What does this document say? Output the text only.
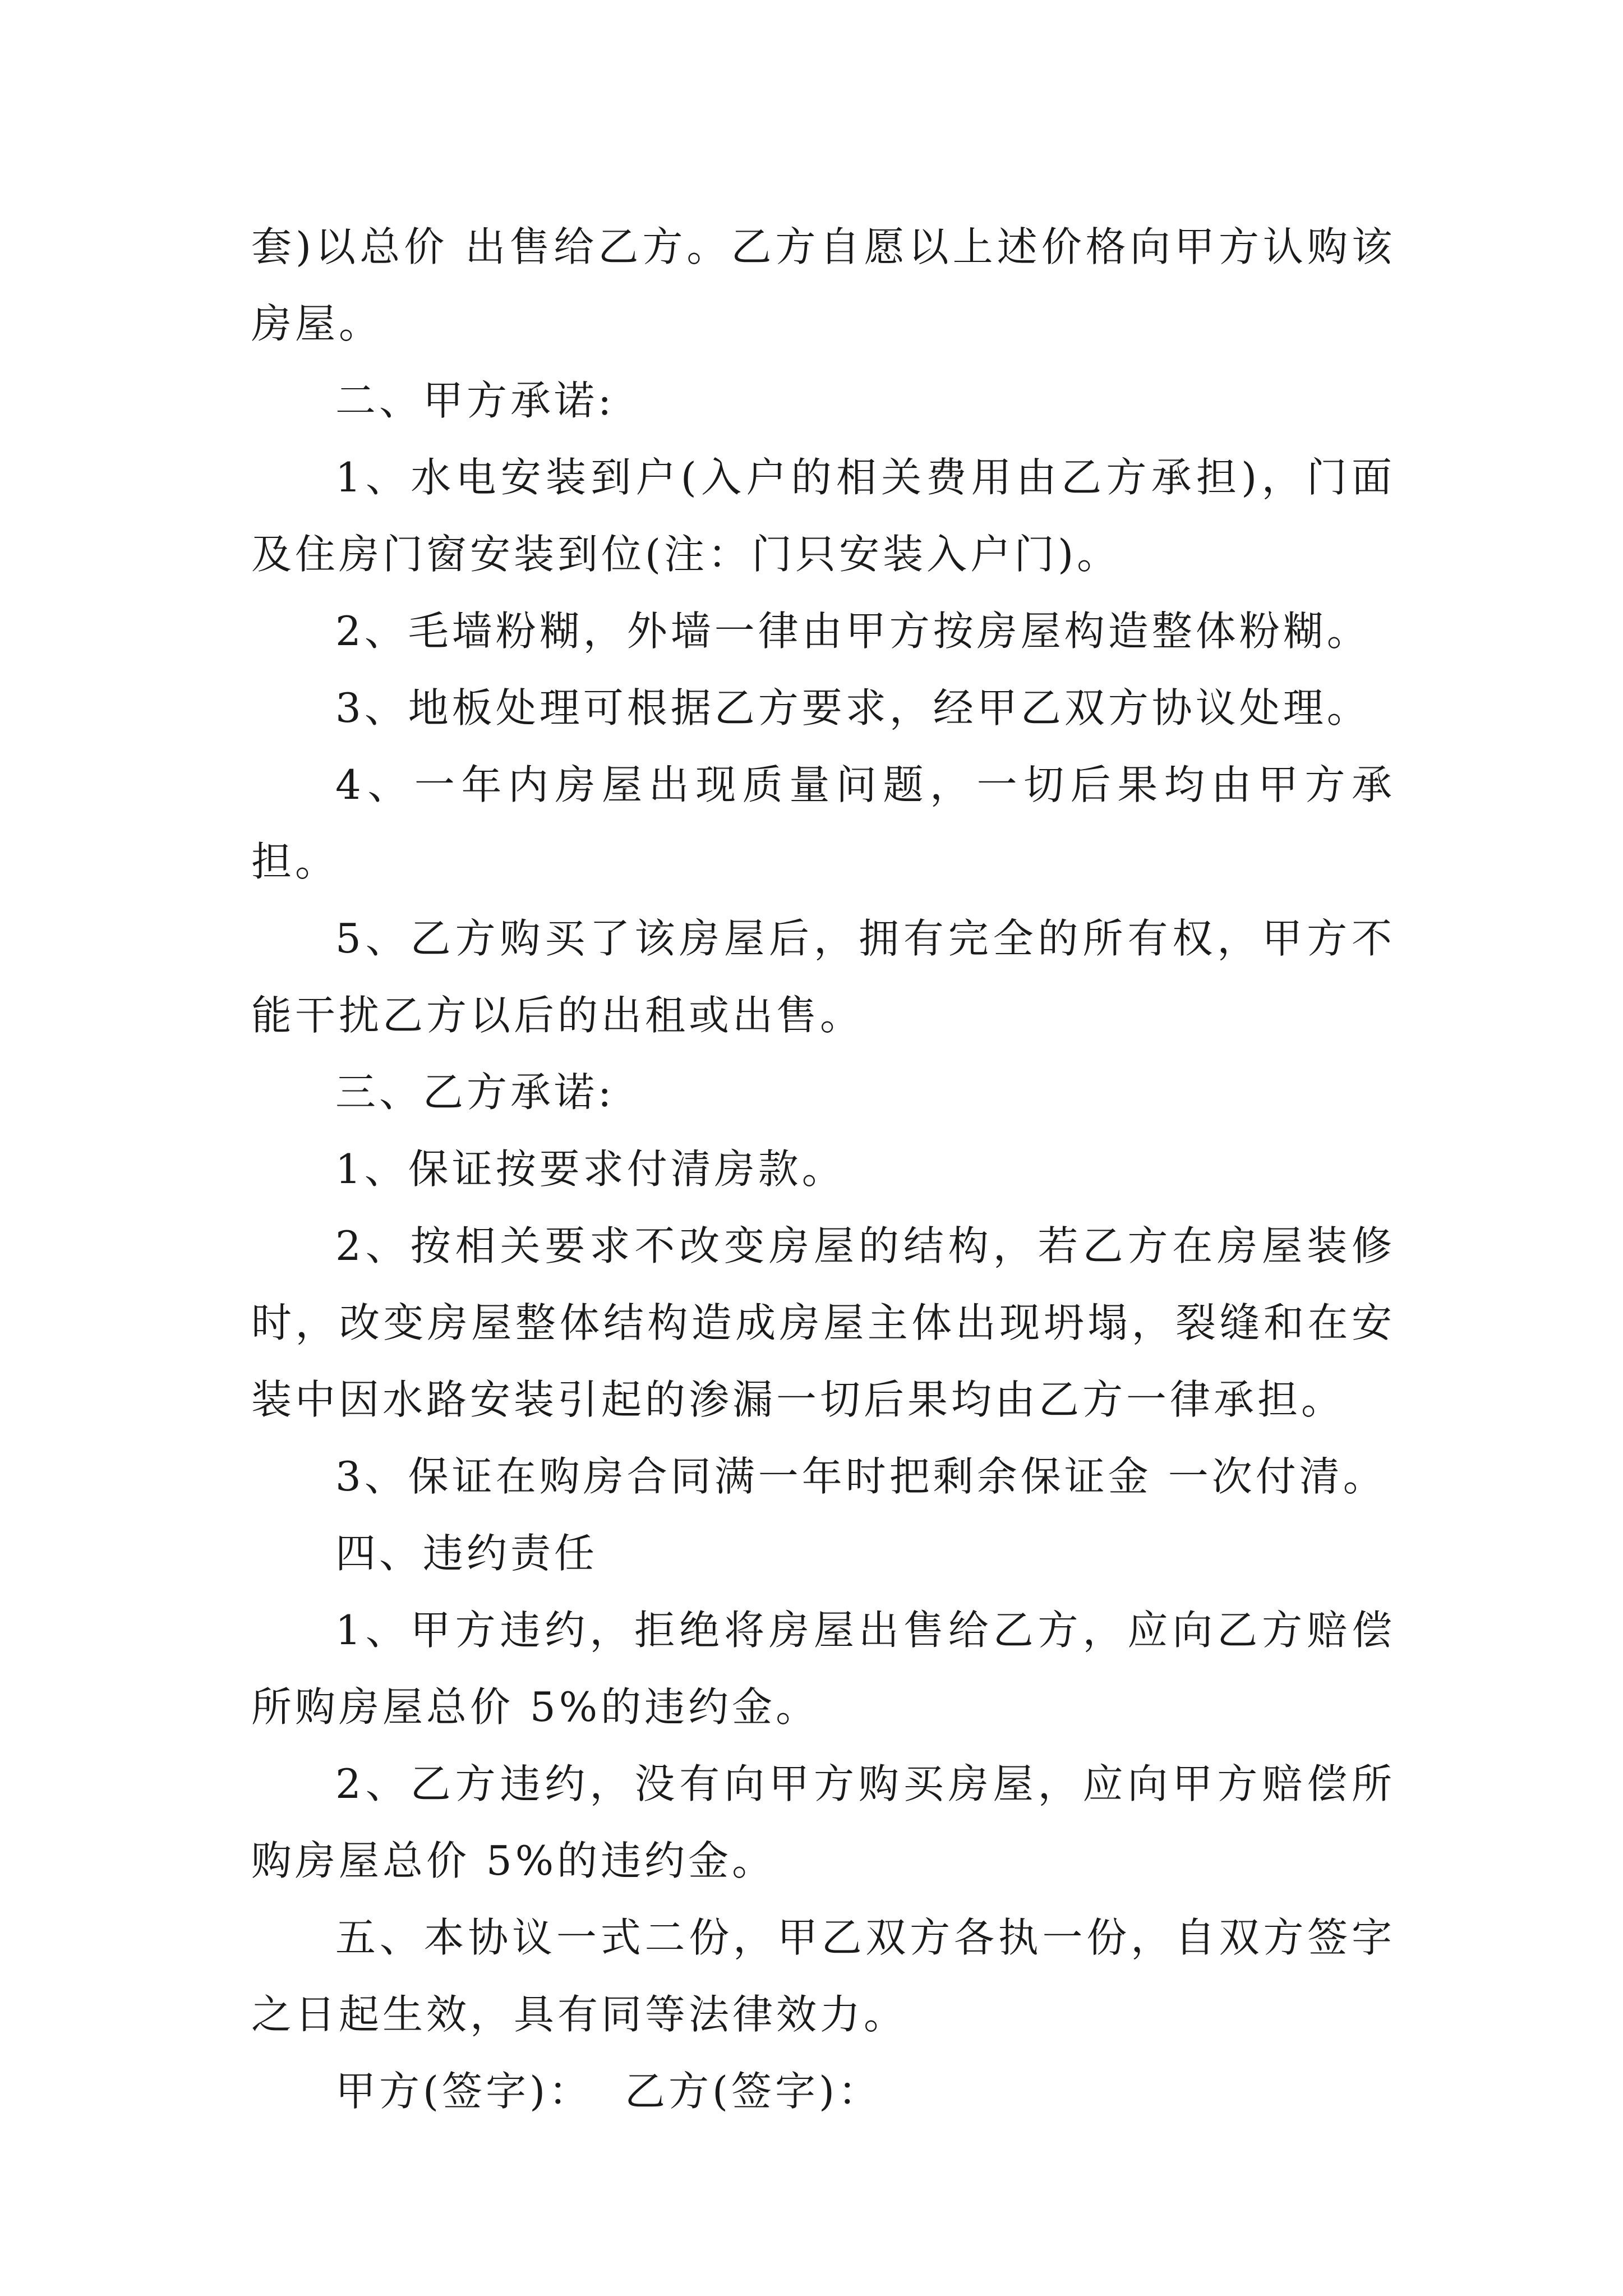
套)以总价 出售给乙方。乙方自愿以上述价格向甲方认购该房屋。

二、甲方承诺:

1、水电安装到户(入户的相关费用由乙方承担)，门面及住房门窗安装到位(注：门只安装入户门)。

2、毛墙粉糊，外墙一律由甲方按房屋构造整体粉糊。

3、地板处理可根据乙方要求，经甲乙双方协议处理。

4、一年内房屋出现质量问题，一切后果均由甲方承担。

5、乙方购买了该房屋后，拥有完全的所有权，甲方不能干扰乙方以后的出租或出售。

三、乙方承诺:

1、保证按要求付清房款。

2、按相关要求不改变房屋的结构，若乙方在房屋装修时，改变房屋整体结构造成房屋主体出现坍塌，裂缝和在安装中因水路安装引起的渗漏一切后果均由乙方一律承担。

3、保证在购房合同满一年时把剩余保证金 一次付清。

四、违约责任

1、甲方违约，拒绝将房屋出售给乙方，应向乙方赔偿所购房屋总价 5%的违约金。

2、乙方违约，没有向甲方购买房屋，应向甲方赔偿所购房屋总价 5%的违约金。

五、本协议一式二份，甲乙双方各执一份，自双方签字之日起生效，具有同等法律效力。

甲方(签字)：  乙方(签字)：
